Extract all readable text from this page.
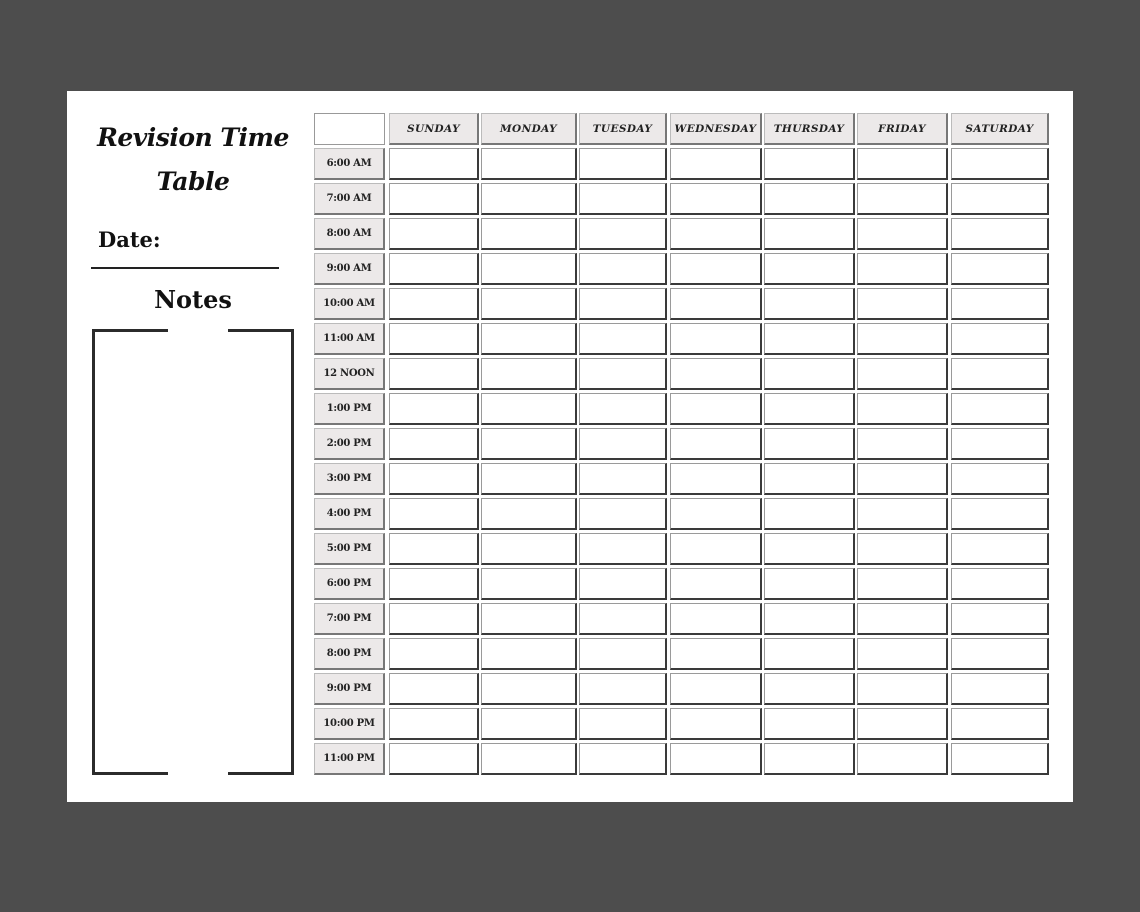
Revision Time
Table
Date:
Notes
SUNDAY	MONDAY	TUESDAY	WEDNESDAY	THURSDAY	FRIDAY	SATURDAY
6:00 AM
7:00 AM
8:00 AM
9:00 AM
10:00 AM
11:00 AM
12 NOON
1:00 PM
2:00 PM
3:00 PM
4:00 PM
5:00 PM
6:00 PM
7:00 PM
8:00 PM
9:00 PM
10:00 PM
11:00 PM
